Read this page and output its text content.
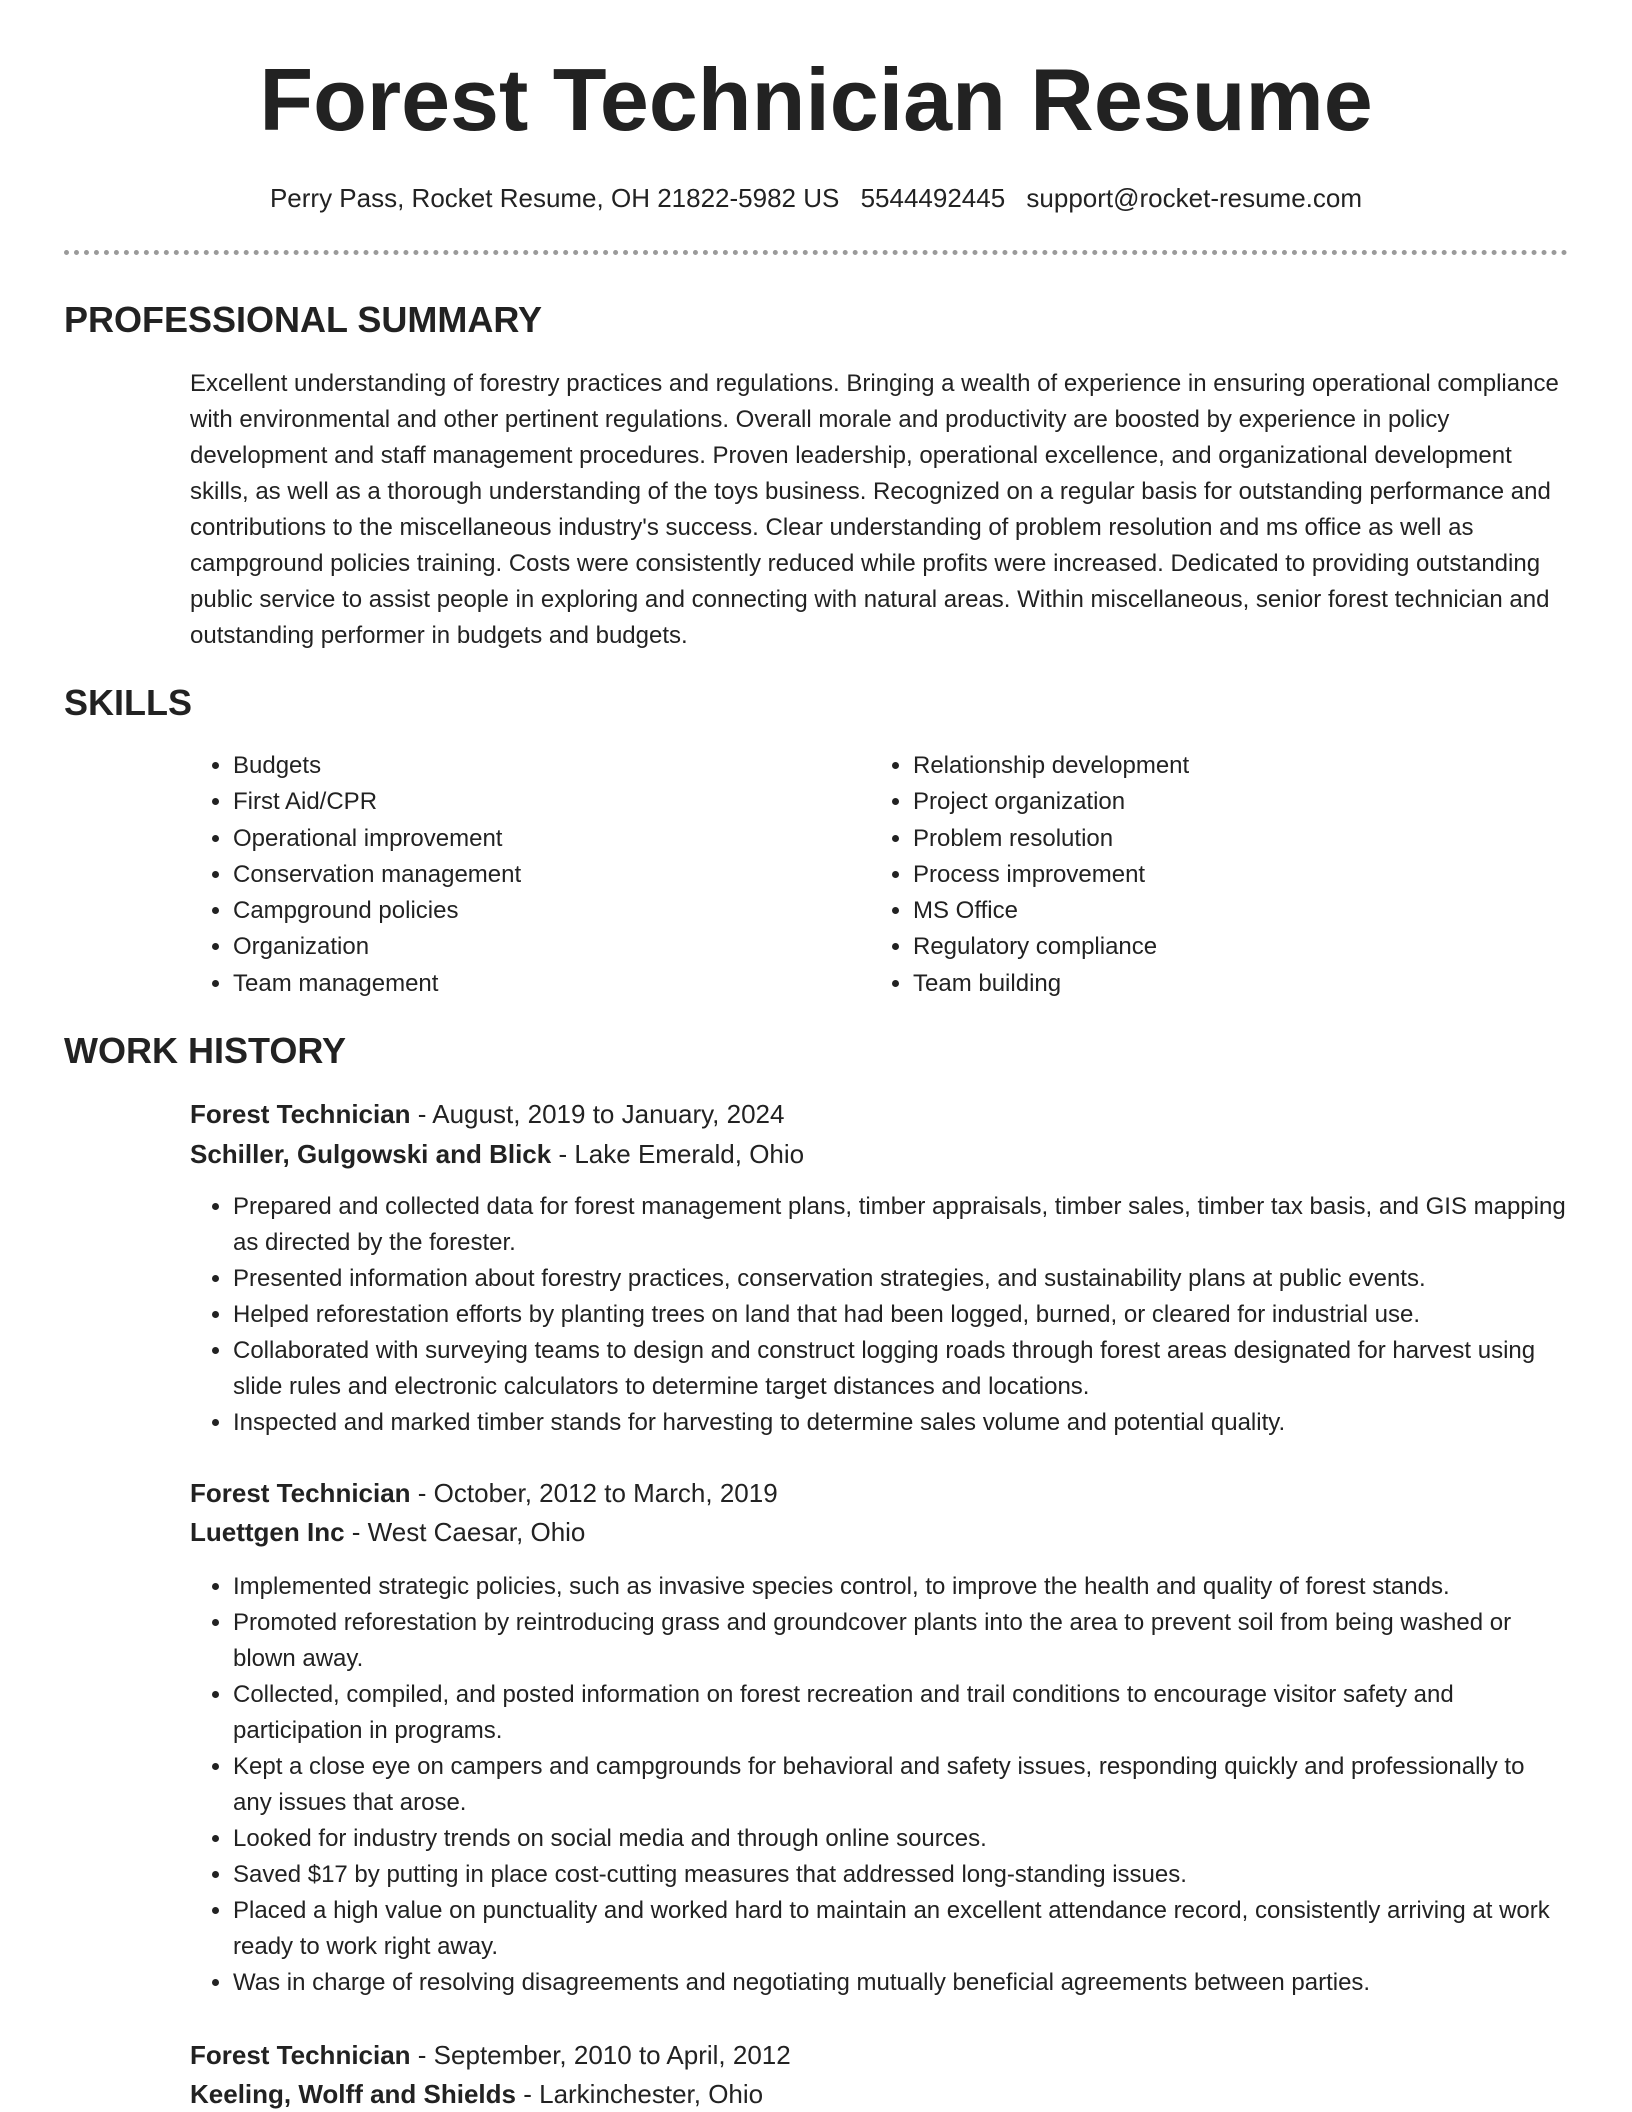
Forest Technician Resume
Perry Pass, Rocket Resume, OH 21822-5982 US 5544492445 support@rocket-resume.com
PROFESSIONAL SUMMARY

Excellent understanding of forestry practices and regulations. Bringing a wealth of experience in ensuring operational compliance with environmental and other pertinent regulations. Overall morale and productivity are boosted by experience in policy development and staff management procedures. Proven leadership, operational excellence, and organizational development skills, as well as a thorough understanding of the toys business. Recognized on a regular basis for outstanding performance and contributions to the miscellaneous industry's success. Clear understanding of problem resolution and ms office as well as campground policies training. Costs were consistently reduced while profits were increased. Dedicated to providing outstanding public service to assist people in exploring and connecting with natural areas. Within miscellaneous, senior forest technician and outstanding performer in budgets and budgets.

SKILLS
• Budgets
• First Aid/CPR
• Operational improvement
• Conservation management
• Campground policies
• Organization
• Team management
• Relationship development
• Project organization
• Problem resolution
• Process improvement
• MS Office
• Regulatory compliance
• Team building
WORK HISTORY
Forest Technician - August, 2019 to January, 2024
Schiller, Gulgowski and Blick - Lake Emerald, Ohio
• Prepared and collected data for forest management plans, timber appraisals, timber sales, timber tax basis, and GIS mapping as directed by the forester.
• Presented information about forestry practices, conservation strategies, and sustainability plans at public events.
• Helped reforestation efforts by planting trees on land that had been logged, burned, or cleared for industrial use.
• Collaborated with surveying teams to design and construct logging roads through forest areas designated for harvest using slide rules and electronic calculators to determine target distances and locations.
• Inspected and marked timber stands for harvesting to determine sales volume and potential quality.
Forest Technician - October, 2012 to March, 2019
Luettgen Inc - West Caesar, Ohio
• Implemented strategic policies, such as invasive species control, to improve the health and quality of forest stands.
• Promoted reforestation by reintroducing grass and groundcover plants into the area to prevent soil from being washed or blown away.
• Collected, compiled, and posted information on forest recreation and trail conditions to encourage visitor safety and participation in programs.
• Kept a close eye on campers and campgrounds for behavioral and safety issues, responding quickly and professionally to any issues that arose.
• Looked for industry trends on social media and through online sources.
• Saved $17 by putting in place cost-cutting measures that addressed long-standing issues.
• Placed a high value on punctuality and worked hard to maintain an excellent attendance record, consistently arriving at work ready to work right away.
• Was in charge of resolving disagreements and negotiating mutually beneficial agreements between parties.
Forest Technician - September, 2010 to April, 2012
Keeling, Wolff and Shields - Larkinchester, Ohio
